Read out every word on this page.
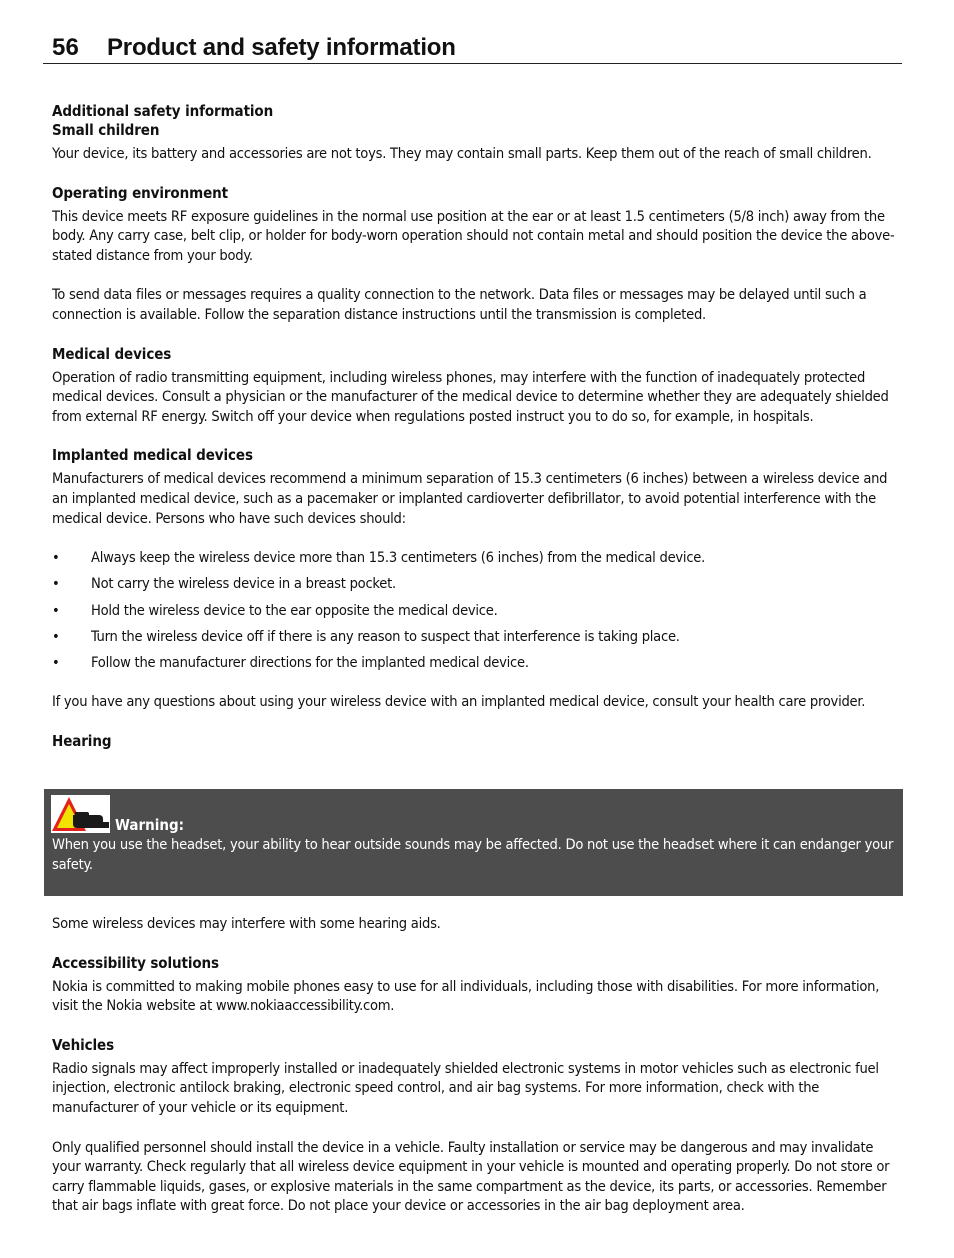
56 Product and safety information

Additional safety information

Small children

Your device, its battery and accessories are not toys. They may contain small parts. Keep them out of the reach of small children.

Operating environment

This device meets RF exposure guidelines in the normal use position at the ear or at least 1.5 centimeters (5/8 inch) away from the body. Any carry case, belt clip, or holder for body-worn operation should not contain metal and should position the device the above-stated distance from your body.

To send data files or messages requires a quality connection to the network. Data files or messages may be delayed until such a connection is available. Follow the separation distance instructions until the transmission is completed.

Medical devices

Operation of radio transmitting equipment, including wireless phones, may interfere with the function of inadequately protected medical devices. Consult a physician or the manufacturer of the medical device to determine whether they are adequately shielded from external RF energy. Switch off your device when regulations posted instruct you to do so, for example, in hospitals.

Implanted medical devices

Manufacturers of medical devices recommend a minimum separation of 15.3 centimeters (6 inches) between a wireless device and an implanted medical device, such as a pacemaker or implanted cardioverter defibrillator, to avoid potential interference with the medical device. Persons who have such devices should:

• Always keep the wireless device more than 15.3 centimeters (6 inches) from the medical device.
• Not carry the wireless device in a breast pocket.
• Hold the wireless device to the ear opposite the medical device.
• Turn the wireless device off if there is any reason to suspect that interference is taking place.
• Follow the manufacturer directions for the implanted medical device.

If you have any questions about using your wireless device with an implanted medical device, consult your health care provider.

Hearing

Warning:
When you use the headset, your ability to hear outside sounds may be affected. Do not use the headset where it can endanger your safety.

Some wireless devices may interfere with some hearing aids.

Accessibility solutions

Nokia is committed to making mobile phones easy to use for all individuals, including those with disabilities. For more information, visit the Nokia website at www.nokiaaccessibility.com.

Vehicles

Radio signals may affect improperly installed or inadequately shielded electronic systems in motor vehicles such as electronic fuel injection, electronic antilock braking, electronic speed control, and air bag systems. For more information, check with the manufacturer of your vehicle or its equipment.

Only qualified personnel should install the device in a vehicle. Faulty installation or service may be dangerous and may invalidate your warranty. Check regularly that all wireless device equipment in your vehicle is mounted and operating properly. Do not store or carry flammable liquids, gases, or explosive materials in the same compartment as the device, its parts, or accessories. Remember that air bags inflate with great force. Do not place your device or accessories in the air bag deployment area.
